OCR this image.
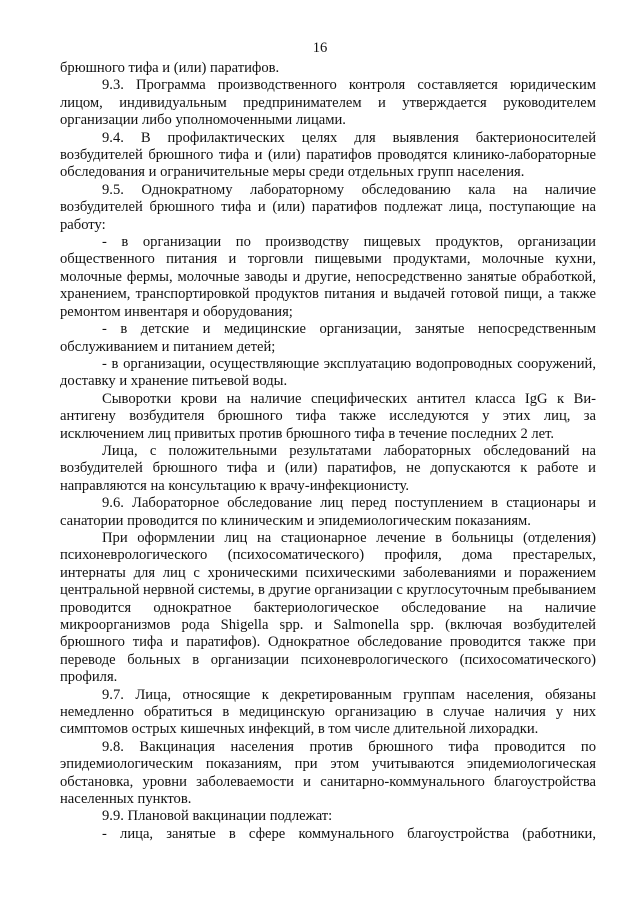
16

брюшного тифа и (или) паратифов.

9.3. Программа производственного контроля составляется юридическим лицом, индивидуальным предпринимателем и утверждается руководителем организации либо уполномоченными лицами.

9.4. В профилактических целях для выявления бактерионосителей возбудителей брюшного тифа и (или) паратифов проводятся клинико-лабораторные обследования и ограничительные меры среди отдельных групп населения.

9.5. Однократному лабораторному обследованию кала на наличие возбудителей брюшного тифа и (или) паратифов подлежат лица, поступающие на работу:

- в организации по производству пищевых продуктов, организации общественного питания и торговли пищевыми продуктами, молочные кухни, молочные фермы, молочные заводы и другие, непосредственно занятые обработкой, хранением, транспортировкой продуктов питания и выдачей готовой пищи, а также ремонтом инвентаря и оборудования;

- в детские и медицинские организации, занятые непосредственным обслуживанием и питанием детей;

- в организации, осуществляющие эксплуатацию водопроводных сооружений, доставку и хранение питьевой воды.

Сыворотки крови на наличие специфических антител класса IgG к Ви-антигену возбудителя брюшного тифа также исследуются у этих лиц, за исключением лиц привитых против брюшного тифа в течение последних 2 лет.

Лица, с положительными результатами лабораторных обследований на возбудителей брюшного тифа и (или) паратифов, не допускаются к работе и направляются на консультацию к врачу-инфекционисту.

9.6. Лабораторное обследование лиц перед поступлением в стационары и санатории проводится по клиническим и эпидемиологическим показаниям.

При оформлении лиц на стационарное лечение в больницы (отделения) психоневрологического (психосоматического) профиля, дома престарелых, интернаты для лиц с хроническими психическими заболеваниями и поражением центральной нервной системы, в другие организации с круглосуточным пребыванием проводится однократное бактериологическое обследование на наличие микроорганизмов рода Shigella spp. и Salmonella spp. (включая возбудителей брюшного тифа и паратифов). Однократное обследование проводится также при переводе больных в организации психоневрологического (психосоматического) профиля.

9.7. Лица, относящие к декретированным группам населения, обязаны немедленно обратиться в медицинскую организацию в случае наличия у них симптомов острых кишечных инфекций, в том числе длительной лихорадки.

9.8. Вакцинация населения против брюшного тифа проводится по эпидемиологическим показаниям, при этом учитываются эпидемиологическая обстановка, уровни заболеваемости и санитарно-коммунального благоустройства населенных пунктов.

9.9. Плановой вакцинации подлежат:

- лица, занятые в сфере коммунального благоустройства (работники,
